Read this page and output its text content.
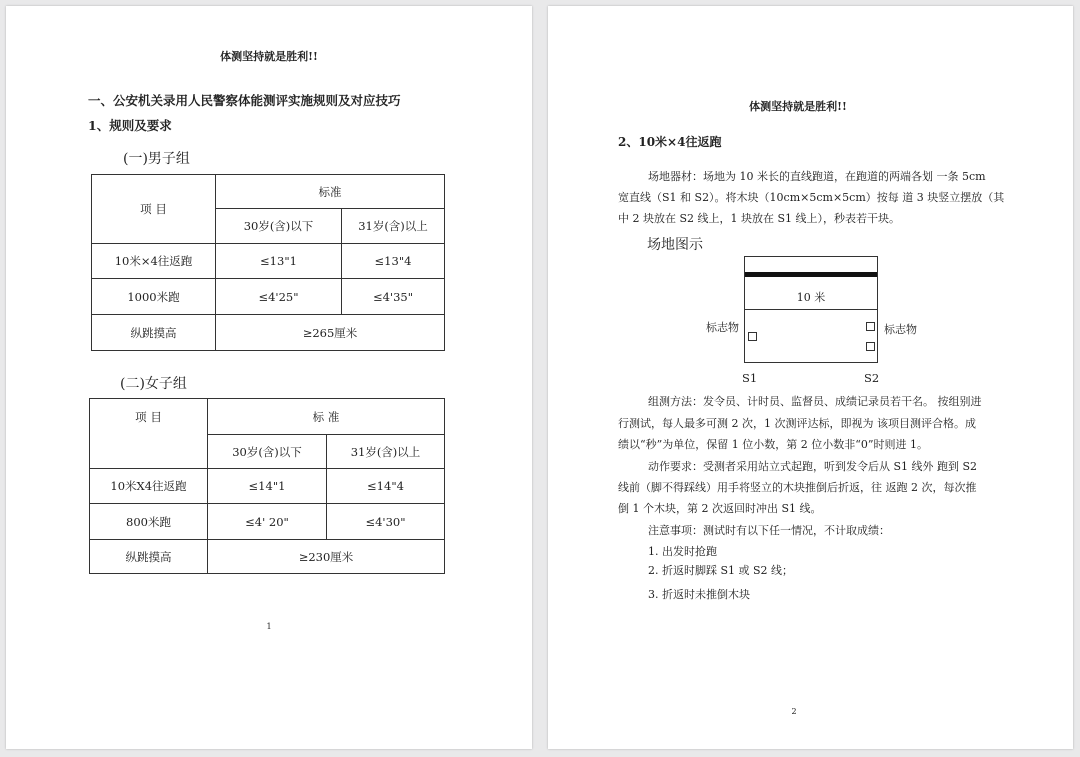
体测坚持就是胜利!!
一、公安机关录用人民警察体能测评实施规则及对应技巧
1、规则及要求
(一)男子组
项 目	标准	
	30岁(含)以下	31岁(含)以上
10米×4往返跑	≤13"1	≤13"4
1000米跑	≤4'25"	≤4'35"
纵跳摸高	≥265厘米	
(二)女子组
项 目	标 准	
	30岁(含)以下	31岁(含)以上
10米X4往返跑	≤14"1	≤14"4
800米跑	≤4' 20"	≤4'30"
纵跳摸高	≥230厘米	
1
体测坚持就是胜利!!
2、10米×4往返跑
场地器材：场地为 10 米长的直线跑道，在跑道的两端各划 一条 5cm
宽直线（S1 和 S2）。将木块（10cm×5cm×5cm）按每 道 3 块竖立摆放（其
中 2 块放在 S2 线上，1 块放在 S1 线上），秒表若干块。
场地图示
10 米
标志物	标志物
S1	S2
组测方法：发令员、计时员、监督员、成绩记录员若干名。 按组别进
行测试，每人最多可测 2 次，1 次测评达标，即视为 该项目测评合格。成
绩以“秒”为单位，保留 1 位小数，第 2 位小数非“0”时则进 1。
动作要求：受测者采用站立式起跑，听到发令后从 S1 线外 跑到 S2
线前（脚不得踩线）用手将竖立的木块推倒后折返，往 返跑 2 次，每次推
倒 1 个木块，第 2 次返回时冲出 S1 线。
注意事项：测试时有以下任一情况，不计取成绩：
1. 出发时抢跑
2. 折返时脚踩 S1 或 S2 线；
3. 折返时未推倒木块
2
